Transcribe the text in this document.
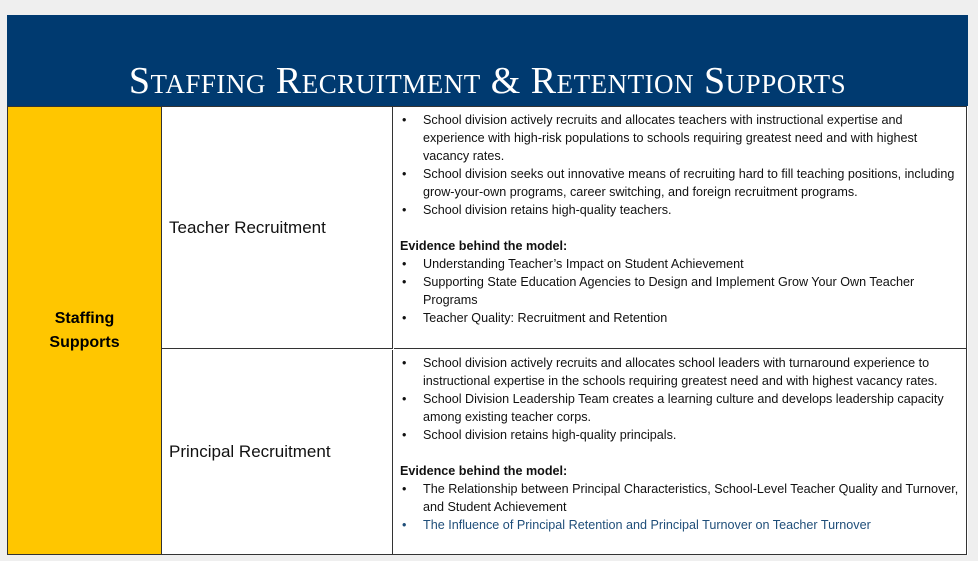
Staffing Recruitment & Retention Supports
Staffing Supports
Teacher Recruitment
• School division actively recruits and allocates teachers with instructional expertise and experience with high-risk populations to schools requiring greatest need and with highest vacancy rates.
• School division seeks out innovative means of recruiting hard to fill teaching positions, including grow-your-own programs, career switching, and foreign recruitment programs.
• School division retains high-quality teachers.
Evidence behind the model:
• Understanding Teacher’s Impact on Student Achievement
• Supporting State Education Agencies to Design and Implement Grow Your Own Teacher Programs
• Teacher Quality: Recruitment and Retention
Principal Recruitment
• School division actively recruits and allocates school leaders with turnaround experience to instructional expertise in the schools requiring greatest need and with highest vacancy rates.
• School Division Leadership Team creates a learning culture and develops leadership capacity among existing teacher corps.
• School division retains high-quality principals.
Evidence behind the model:
• The Relationship between Principal Characteristics, School-Level Teacher Quality and Turnover, and Student Achievement
• The Influence of Principal Retention and Principal Turnover on Teacher Turnover
